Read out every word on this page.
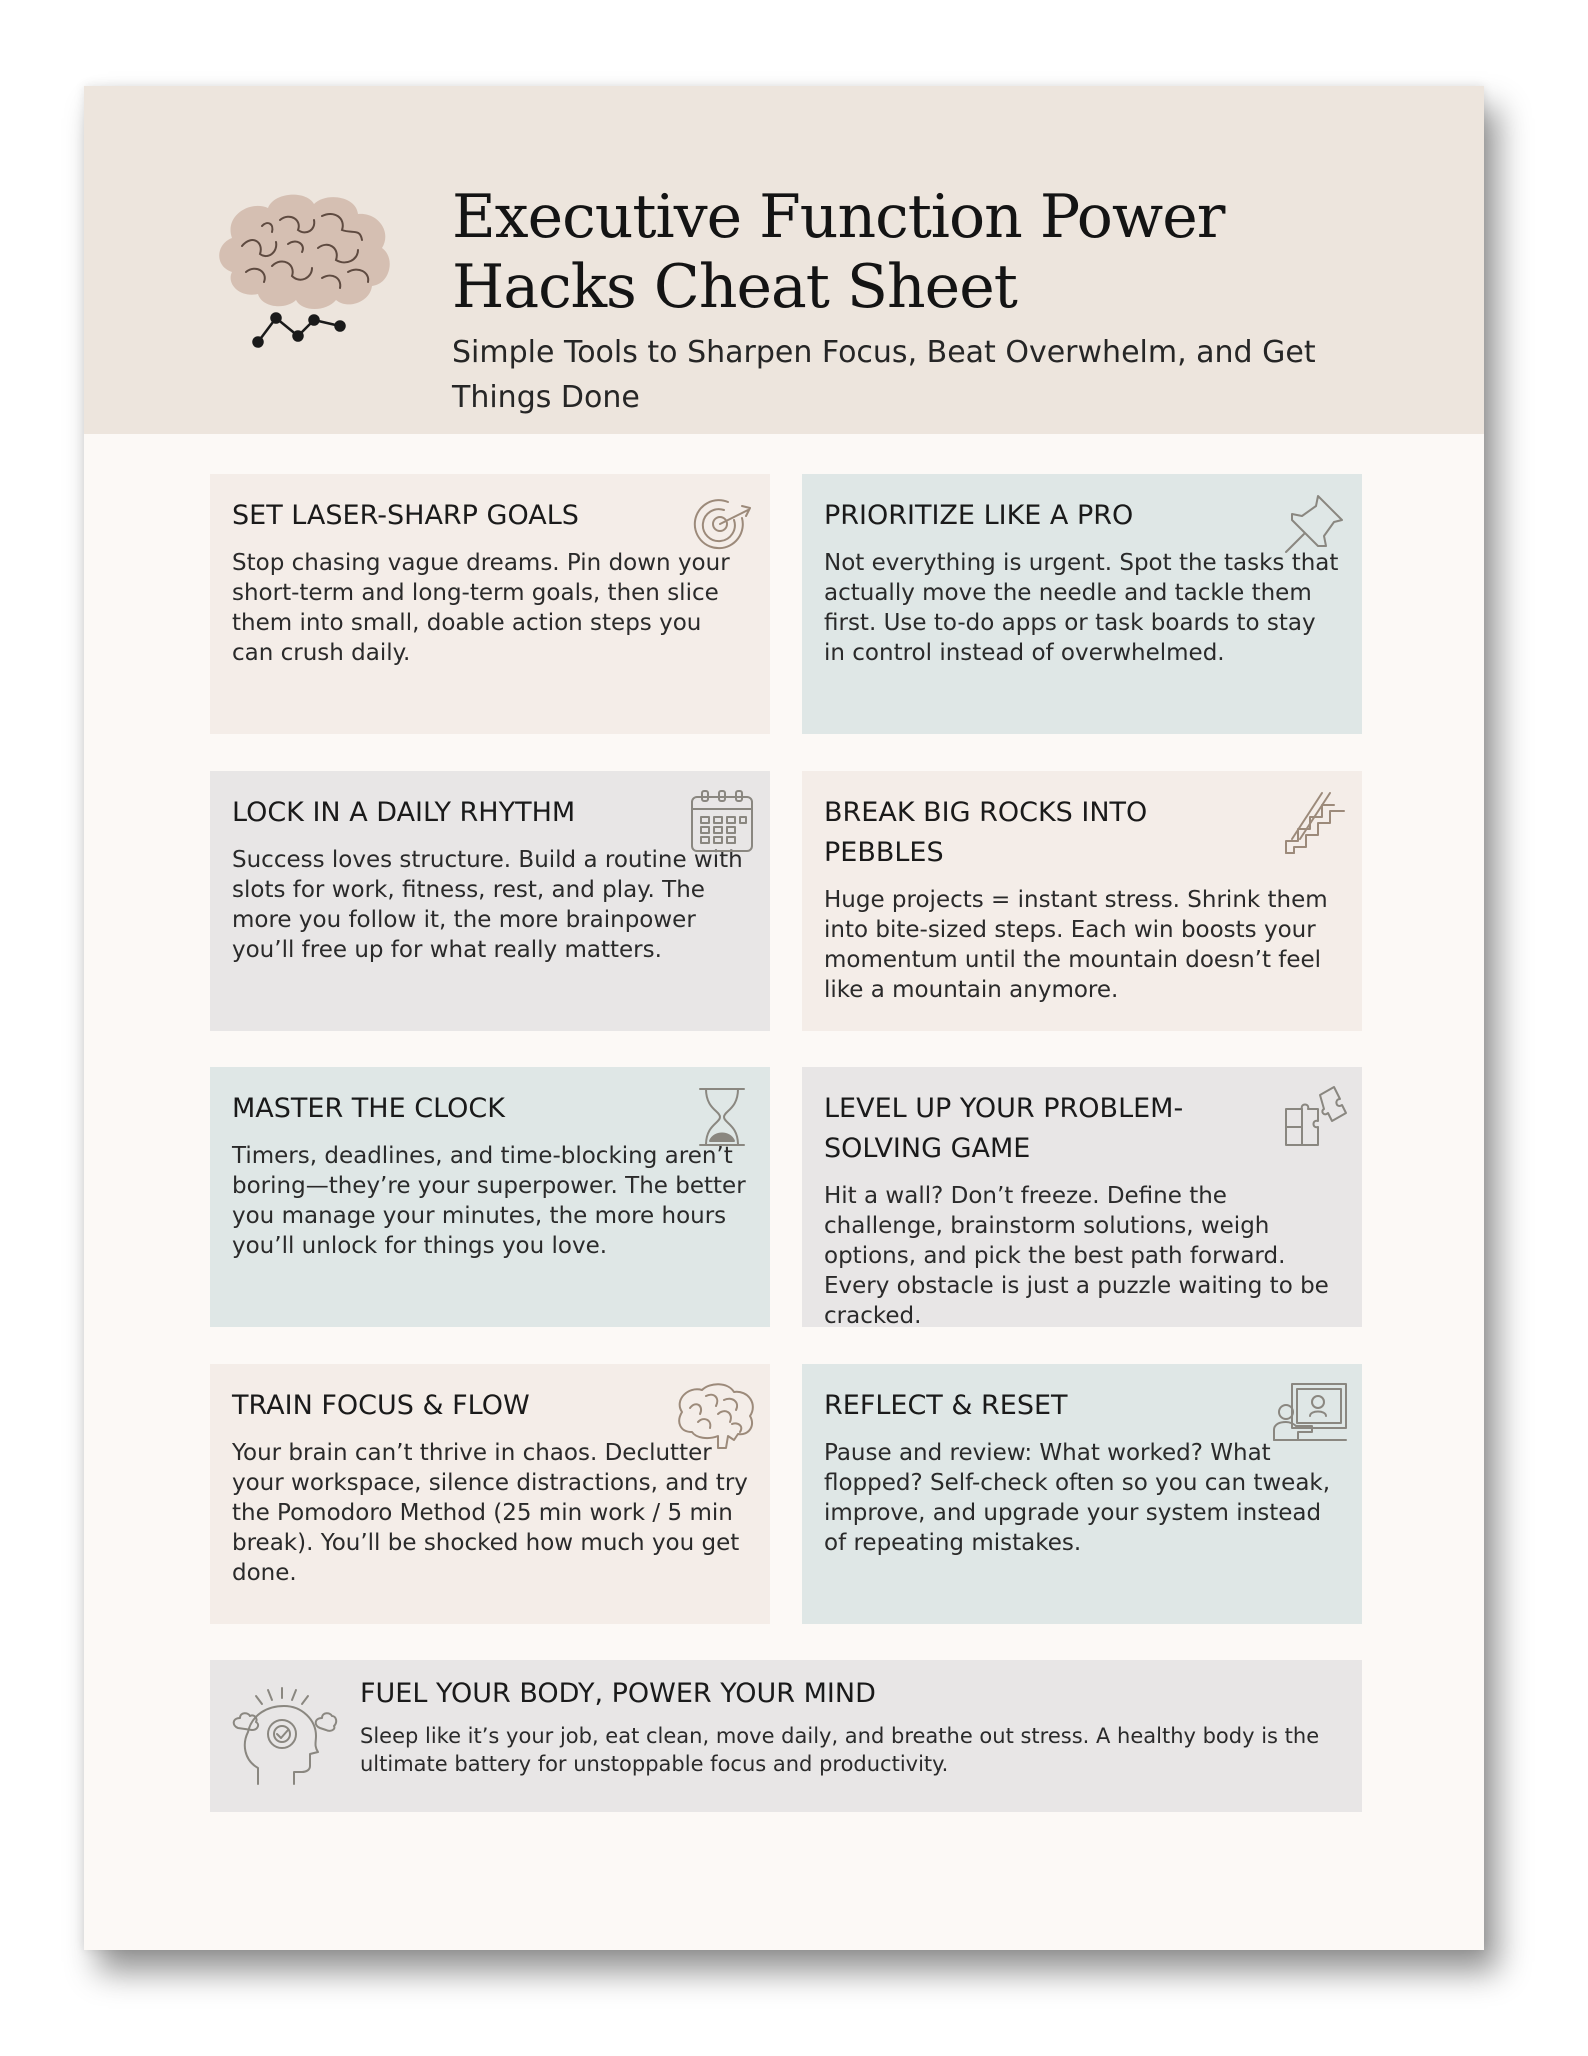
Executive Function Power
Hacks Cheat Sheet

Simple Tools to Sharpen Focus, Beat Overwhelm, and Get Things Done

SET LASER-SHARP GOALS

Stop chasing vague dreams. Pin down your short-term and long-term goals, then slice them into small, doable action steps you can crush daily.

PRIORITIZE LIKE A PRO

Not everything is urgent. Spot the tasks that actually move the needle and tackle them first. Use to-do apps or task boards to stay in control instead of overwhelmed.

LOCK IN A DAILY RHYTHM

Success loves structure. Build a routine with slots for work, fitness, rest, and play. The more you follow it, the more brainpower you’ll free up for what really matters.

BREAK BIG ROCKS INTO PEBBLES

Huge projects = instant stress. Shrink them into bite-sized steps. Each win boosts your momentum until the mountain doesn’t feel like a mountain anymore.

MASTER THE CLOCK

Timers, deadlines, and time-blocking aren’t boring—they’re your superpower. The better you manage your minutes, the more hours you’ll unlock for things you love.

LEVEL UP YOUR PROBLEM-SOLVING GAME

Hit a wall? Don’t freeze. Define the challenge, brainstorm solutions, weigh options, and pick the best path forward. Every obstacle is just a puzzle waiting to be cracked.

TRAIN FOCUS & FLOW

Your brain can’t thrive in chaos. Declutter your workspace, silence distractions, and try the Pomodoro Method (25 min work / 5 min break). You’ll be shocked how much you get done.

REFLECT & RESET

Pause and review: What worked? What flopped? Self-check often so you can tweak, improve, and upgrade your system instead of repeating mistakes.

FUEL YOUR BODY, POWER YOUR MIND

Sleep like it’s your job, eat clean, move daily, and breathe out stress. A healthy body is the ultimate battery for unstoppable focus and productivity.
